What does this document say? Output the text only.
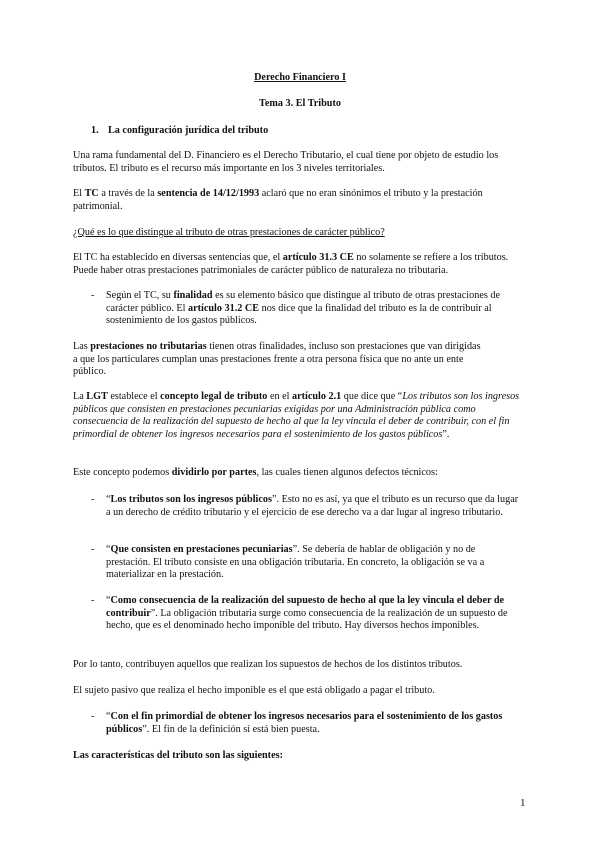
Derecho Financiero I
Tema 3. El Tributo
1. La configuración jurídica del tributo

Una rama fundamental del D. Financiero es el Derecho Tributario, el cual tiene por objeto de estudio los tributos. El tributo es el recurso más importante en los 3 niveles territoriales.

El TC a través de la sentencia de 14/12/1993 aclaró que no eran sinónimos el tributo y la prestación patrimonial.

¿Qué es lo que distingue al tributo de otras prestaciones de carácter público?

El TC ha establecido en diversas sentencias que, el artículo 31.3 CE no solamente se refiere a los tributos. Puede haber otras prestaciones patrimoniales de carácter público de naturaleza no tributaria.

- Según el TC, su finalidad es su elemento básico que distingue al tributo de otras prestaciones de carácter público. El artículo 31.2 CE nos dice que la finalidad del tributo es la de contribuir al sostenimiento de los gastos públicos.

Las prestaciones no tributarias tienen otras finalidades, incluso son prestaciones que van dirigidas a que los particulares cumplan unas prestaciones frente a otra persona física que no ante un ente público.

La LGT establece el concepto legal de tributo en el artículo 2.1 que dice que “Los tributos son los ingresos públicos que consisten en prestaciones pecuniarias exigidas por una Administración pública como consecuencia de la realización del supuesto de hecho al que la ley vincula el deber de contribuir, con el fin primordial de obtener los ingresos necesarios para el sostenimiento de los gastos públicos”.

Este concepto podemos dividirlo por partes, las cuales tienen algunos defectos técnicos:

- “Los tributos son los ingresos públicos”. Esto no es así, ya que el tributo es un recurso que da lugar a un derecho de crédito tributario y el ejercicio de ese derecho va a dar lugar al ingreso tributario.

- “Que consisten en prestaciones pecuniarias”. Se debería de hablar de obligación y no de prestación. El tributo consiste en una obligación tributaria. En concreto, la obligación se va a materializar en la prestación.

- “Como consecuencia de la realización del supuesto de hecho al que la ley vincula el deber de contribuir”. La obligación tributaria surge como consecuencia de la realización de un supuesto de hecho, que es el denominado hecho imponible del tributo. Hay diversos hechos imponibles.

Por lo tanto, contribuyen aquellos que realizan los supuestos de hechos de los distintos tributos.

El sujeto pasivo que realiza el hecho imponible es el que está obligado a pagar el tributo.

- “Con el fin primordial de obtener los ingresos necesarios para el sostenimiento de los gastos públicos”. El fin de la definición sí está bien puesta.

Las características del tributo son las siguientes:

1
